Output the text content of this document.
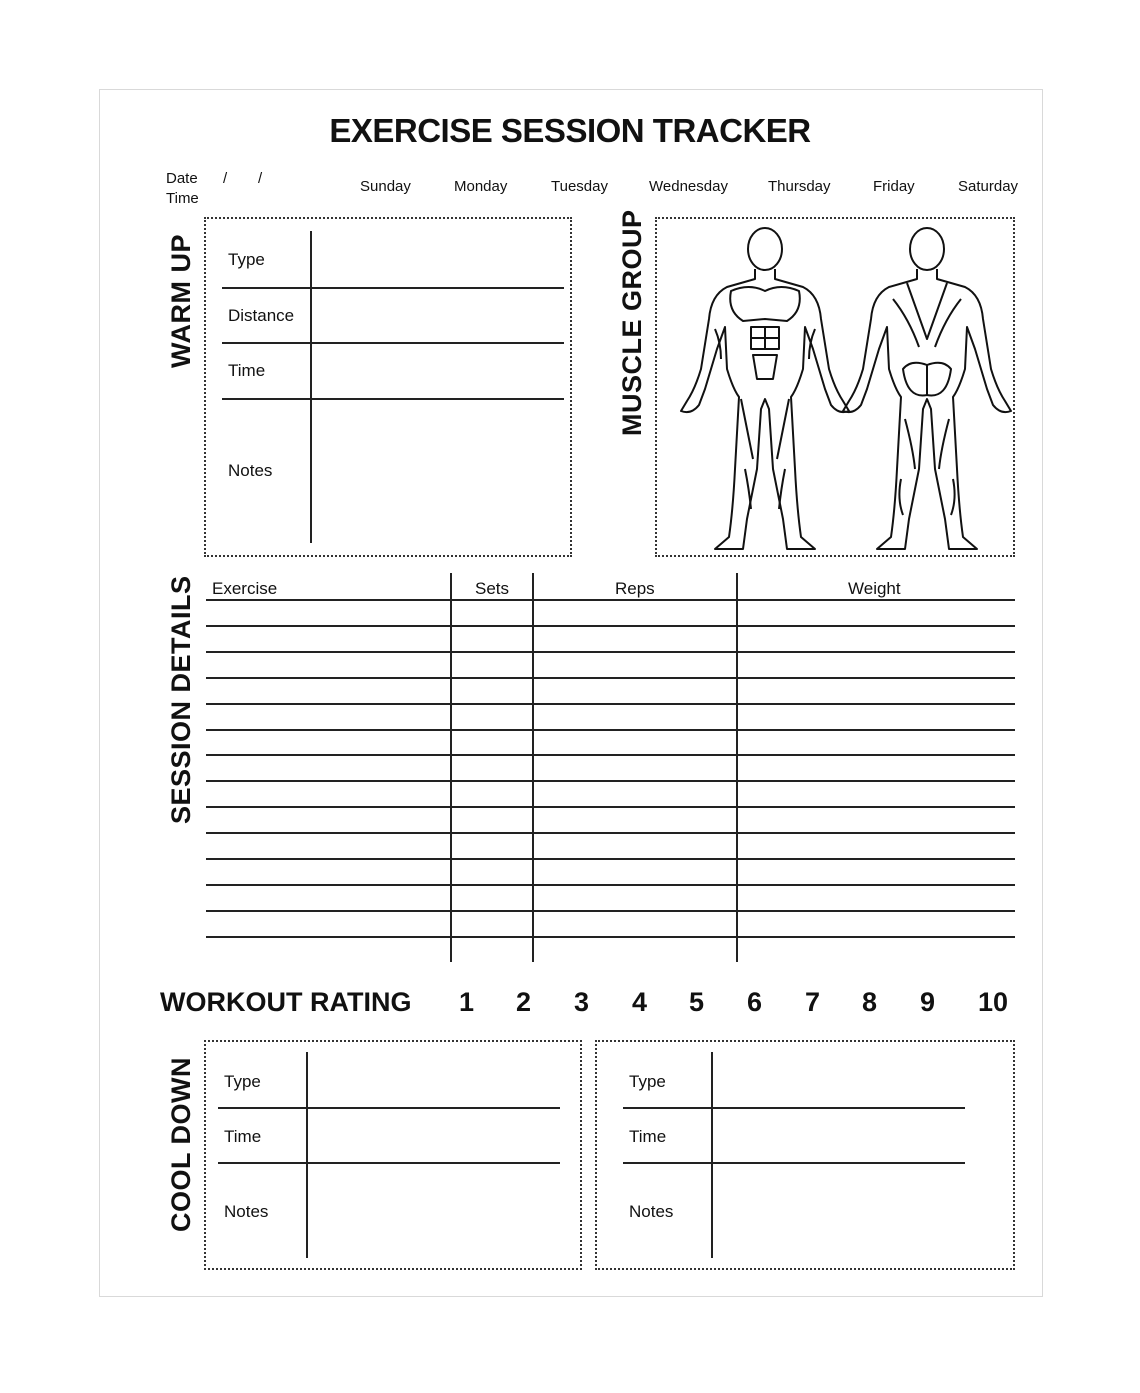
EXERCISE SESSION TRACKER
Date
Time
/ /	Sunday	Monday	Tuesday	Wednesday	Thursday	Friday	Saturday
WARM UP Type
Distance
Time
Notes
MUSCLE GROUP
SESSION DETAILS Exercise	Sets	Reps	Weight
WORKOUT RATING 1 2 3 4 5 6 7 8 9 10
COOL DOWN Type
Time
Notes
Type
Time
Notes
